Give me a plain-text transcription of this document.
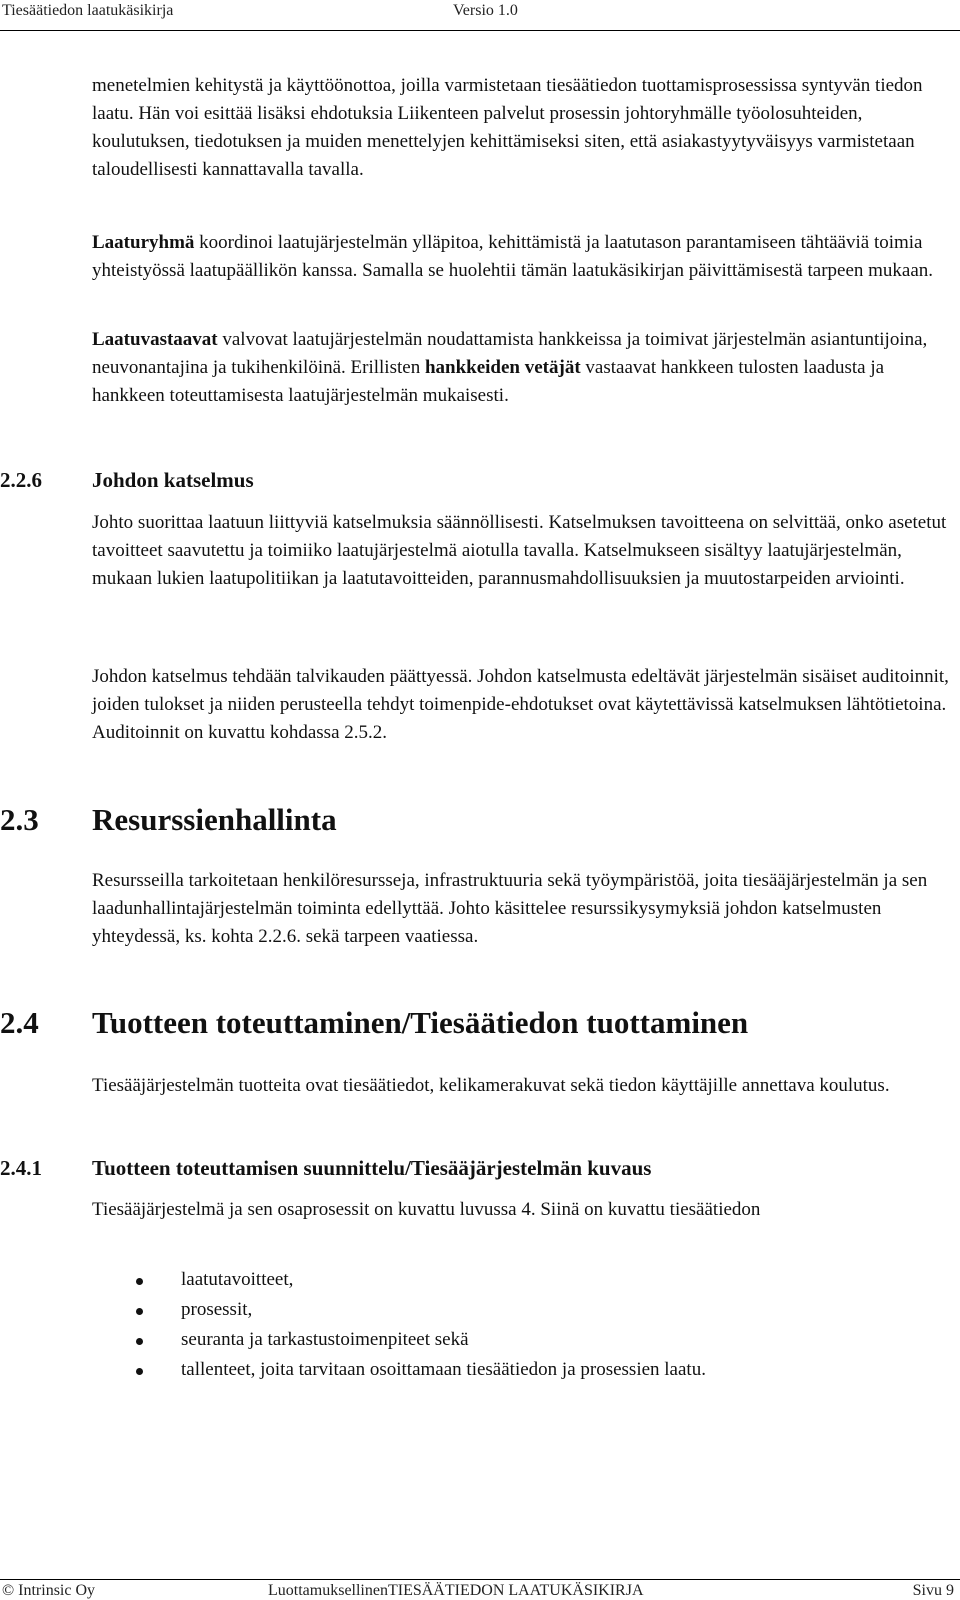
Tiesäätiedon laatukäsikirja	Versio 1.0

menetelmien kehitystä ja käyttöönottoa, joilla varmistetaan tiesäätiedon tuottamisprosessissa syntyvän tiedon laatu. Hän voi esittää lisäksi ehdotuksia Liikenteen palvelut prosessin johtoryhmälle työolosuhteiden, koulutuksen, tiedotuksen ja muiden menettelyjen kehittämiseksi siten, että asiakastyytyväisyys varmistetaan taloudellisesti kannattavalla tavalla.

Laaturyhmä koordinoi laatujärjestelmän ylläpitoa, kehittämistä ja laatutason parantamiseen tähtääviä toimia yhteistyössä laatupäällikön kanssa. Samalla se huolehtii tämän laatukäsikirjan päivittämisestä tarpeen mukaan.

Laatuvastaavat valvovat laatujärjestelmän noudattamista hankkeissa ja toimivat järjestelmän asiantuntijoina, neuvonantajina ja tukihenkilöinä. Erillisten hankkeiden vetäjät vastaavat hankkeen tulosten laadusta ja hankkeen toteuttamisesta laatujärjestelmän mukaisesti.

2.2.6 Johdon katselmus

Johto suorittaa laatuun liittyviä katselmuksia säännöllisesti. Katselmuksen tavoitteena on selvittää, onko asetetut tavoitteet saavutettu ja toimiiko laatujärjestelmä aiotulla tavalla. Katselmukseen sisältyy laatujärjestelmän, mukaan lukien laatupolitiikan ja laatutavoitteiden, parannusmahdollisuuksien ja muutostarpeiden arviointi.

Johdon katselmus tehdään talvikauden päättyessä. Johdon katselmusta edeltävät järjestelmän sisäiset auditoinnit, joiden tulokset ja niiden perusteella tehdyt toimenpide-ehdotukset ovat käytettävissä katselmuksen lähtötietoina. Auditoinnit on kuvattu kohdassa 2.5.2.

2.3 Resurssienhallinta

Resursseilla tarkoitetaan henkilöresursseja, infrastruktuuria sekä työympäristöä, joita tiesääjärjestelmän ja sen laadunhallintajärjestelmän toiminta edellyttää. Johto käsittelee resurssikysymyksiä johdon katselmusten yhteydessä, ks. kohta 2.2.6. sekä tarpeen vaatiessa.

2.4 Tuotteen toteuttaminen/Tiesäätiedon tuottaminen

Tiesääjärjestelmän tuotteita ovat tiesäätiedot, kelikamerakuvat sekä tiedon käyttäjille annettava koulutus.

2.4.1 Tuotteen toteuttamisen suunnittelu/Tiesääjärjestelmän kuvaus

Tiesääjärjestelmä ja sen osaprosessit on kuvattu luvussa 4. Siinä on kuvattu tiesäätiedon

laatutavoitteet,
prosessit,
seuranta ja tarkastustoimenpiteet sekä
tallenteet, joita tarvitaan osoittamaan tiesäätiedon ja prosessien laatu.
© Intrinsic Oy	LuottamuksellinenTIESÄÄTIEDON LAATUKÄSIKIRJA	Sivu 9
